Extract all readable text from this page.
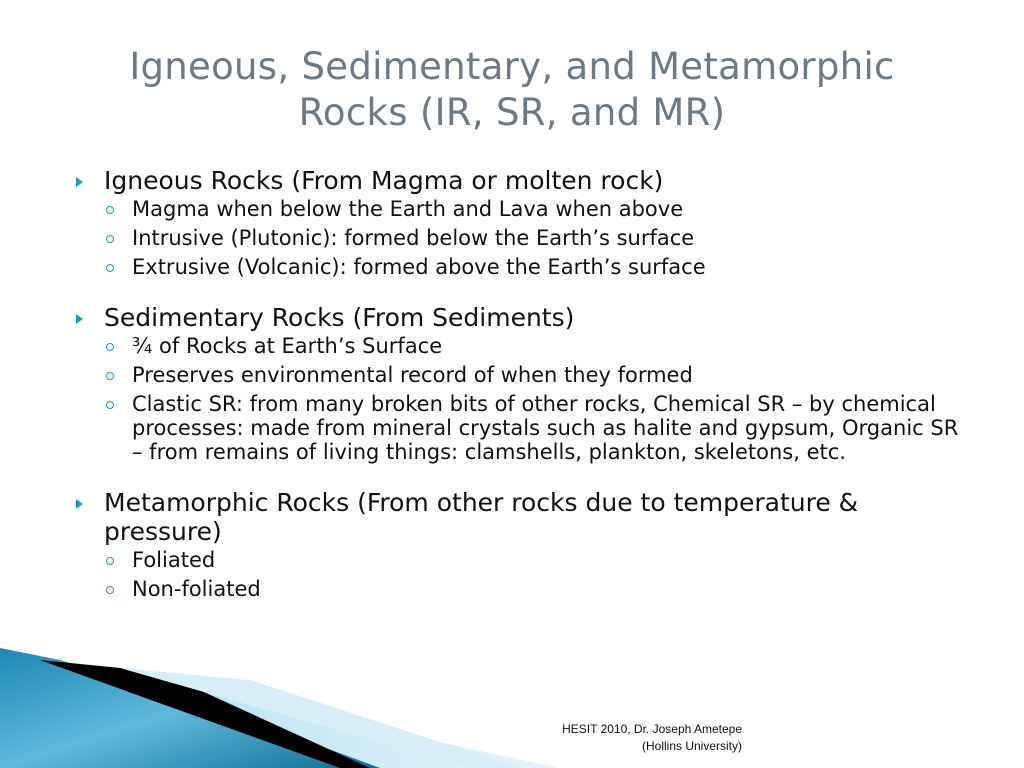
Igneous, Sedimentary, and Metamorphic
Rocks (IR, SR, and MR)
Igneous Rocks (From Magma or molten rock)
Magma when below the Earth and Lava when above
Intrusive (Plutonic): formed below the Earth’s surface
Extrusive (Volcanic): formed above the Earth’s surface
Sedimentary Rocks (From Sediments)
¾ of Rocks at Earth’s Surface
Preserves environmental record of when they formed
Clastic SR: from many broken bits of other rocks, Chemical SR – by chemical processes: made from mineral crystals such as halite and gypsum, Organic SR – from remains of living things: clamshells, plankton, skeletons, etc.
Metamorphic Rocks (From other rocks due to temperature & pressure)
Foliated
Non-foliated
HESIT 2010, Dr. Joseph Ametepe
(Hollins University)
